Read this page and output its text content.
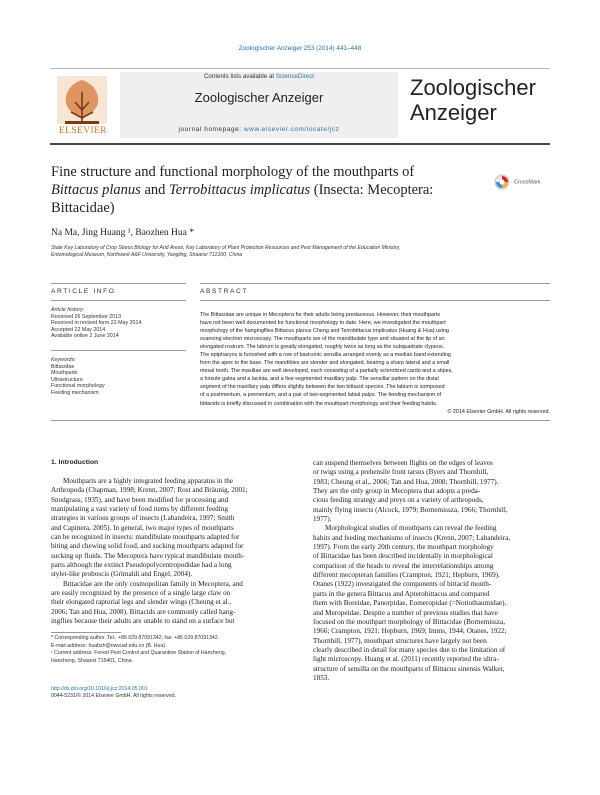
Zoologischer Anzeiger 253 (2014) 441–448
ELSEVIER
Contents lists available at ScienceDirect
Zoologischer Anzeiger
journal homepage: www.elsevier.com/locate/jcz
Zoologischer
Anzeiger
Fine structure and functional morphology of the mouthparts of
Bittacus planus and Terrobittacus implicatus (Insecta: Mecoptera:
Bittacidae)
CrossMark
Na Ma, Jing Huang ¹, Baozhen Hua *
State Key Laboratory of Crop Stress Biology for Arid Areas, Key Laboratory of Plant Protection Resources and Pest Management of the Education Ministry,
Entomological Museum, Northwest A&F University, Yangling, Shaanxi 712100, China
ARTICLE INFO	ABSTRACT
Article history:
Received 26 September 2013
Received in revised form 22 May 2014
Accepted 22 May 2014
Available online 2 June 2014
Keywords:
Bittacidae
Mouthparts
Ultrastructure
Functional morphology
Feeding mechanism
The Bittacidae are unique in Mecoptera for their adults being predaceous. However, their mouthparts
have not been well documented for functional morphology to date. Here, we investigated the mouthpart
morphology of the hangingflies Bittacus planus Cheng and Terrobittacus implicatus (Huang & Hua) using
scanning electron microscopy. The mouthparts are of the mandibulate type and situated at the tip of an
elongated rostrum. The labrum is greatly elongated, roughly twice as long as the subquadrate clypeus.
The epipharynx is furnished with a row of basiconic sensilla arranged evenly as a median band extending
from the apex to the base. The mandibles are slender and elongated, bearing a sharp lateral and a small
mesal tooth. The maxillae are well developed, each consisting of a partially sclerotized cardo and a stipes,
a hirsute galea and a lacinia, and a five-segmented maxillary palp. The sensillar pattern on the distal
segment of the maxillary palp differs slightly between the two bittacid species. The labium is composed
of a postmentum, a prementum, and a pair of two-segmented labial palps. The feeding mechanism of
bittacids is briefly discussed in combination with the mouthpart morphology and their feeding habits.
© 2014 Elsevier GmbH. All rights reserved.
1. Introduction
Mouthparts are a highly integrated feeding apparatus in the
Arthropoda (Chapman, 1998; Krenn, 2007; Rost and Bräunig, 2001;
Snodgrass, 1935), and have been modified for processing and
manipulating a vast variety of food items by different feeding
strategies in various groups of insects (Labandeira, 1997; Smith
and Capinera, 2005). In general, two major types of mouthparts
can be recognized in insects: mandibulate mouthparts adapted for
biting and chewing solid food, and sucking mouthparts adapted for
sucking up fluids. The Mecoptera have typical mandibulate mouth-
parts although the extinct Pseudopolycentropodidae had a long
stylet-like proboscis (Grimaldi and Engel, 2004).
Bittacidae are the only cosmopolitan family in Mecoptera, and
are easily recognized by the presence of a single large claw on
their elongated raptorial legs and slender wings (Cheung et al.,
2006; Tan and Hua, 2008). Bittacids are commonly called hang-
ingflies because their adults are unable to stand on a surface but
can suspend themselves between flights on the edges of leaves
or twigs using a prehensile front tarsus (Byers and Thornhill,
1983; Cheung et al., 2006; Tan and Hua, 2008; Thornhill, 1977).
They are the only group in Mecoptera that adopts a preda-
cious feeding strategy and preys on a variety of arthropods,
mainly flying insects (Alcock, 1979; Bornemissza, 1966; Thornhill,
1977).
Morphological studies of mouthparts can reveal the feeding
habits and feeding mechanisms of insects (Krenn, 2007; Labandeira,
1997). From the early 20th century, the mouthpart morphology
of Bittacidae has been described incidentally in morphological
comparison of the heads to reveal the interrelationships among
different mecopteran families (Crampton, 1921; Hepburn, 1969).
Otanes (1922) investigated the components of bittacid mouth-
parts in the genera Bittacus and Apterobittacus and compared
them with Boreidae, Panorpidae, Eomeropidae (=Notiothaumidae),
and Meropeidae. Despite a number of previous studies that have
focused on the mouthpart morphology of Bittacidae (Bornemissza,
1966; Crampton, 1921; Hepburn, 1969; Imms, 1944; Otanes, 1922;
Thornhill, 1977), mouthpart structures have largely not been
clearly described in detail for many species due to the limitation of
light microscopy. Huang et al. (2011) recently reported the ultra-
structure of sensilla on the mouthparts of Bittacus sinensis Walker,
1853.
* Corresponding author. Tel.: +86 029 87091342; fax: +86 029 87091342.
E-mail address: huabzh@nwsuaf.edu.cn (B. Hua).
¹ Current address: Forest Pest Control and Quarantine Station of Hancheng,
Hancheng, Shaanxi 715401, China.
http://dx.doi.org/10.1016/j.jcz.2014.05.001
0044-5231/© 2014 Elsevier GmbH. All rights reserved.
